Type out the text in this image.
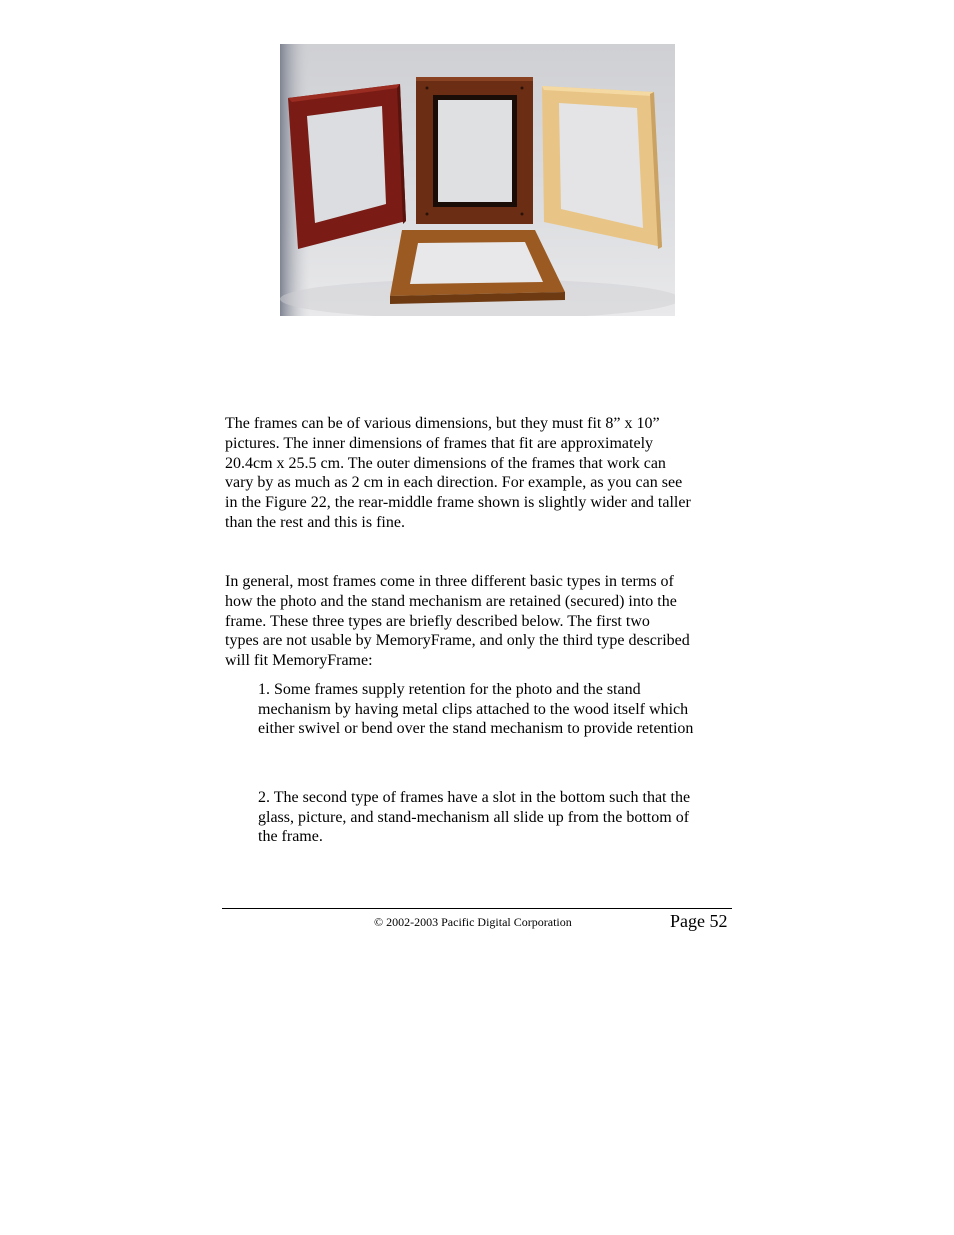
The frames can be of various dimensions, but they must fit 8” x 10”
pictures. The inner dimensions of frames that fit are approximately
20.4cm x 25.5 cm. The outer dimensions of the frames that work can
vary by as much as 2 cm in each direction. For example, as you can see
in the Figure 22, the rear-middle frame shown is slightly wider and taller
than the rest and this is fine.

In general, most frames come in three different basic types in terms of
how the photo and the stand mechanism are retained (secured) into the
frame. These three types are briefly described below. The first two
types are not usable by MemoryFrame, and only the third type described
will fit MemoryFrame:

1. Some frames supply retention for the photo and the stand
mechanism by having metal clips attached to the wood itself which
either swivel or bend over the stand mechanism to provide retention

2. The second type of frames have a slot in the bottom such that the
glass, picture, and stand-mechanism all slide up from the bottom of
the frame.

© 2002-2003 Pacific Digital Corporation	Page 52
